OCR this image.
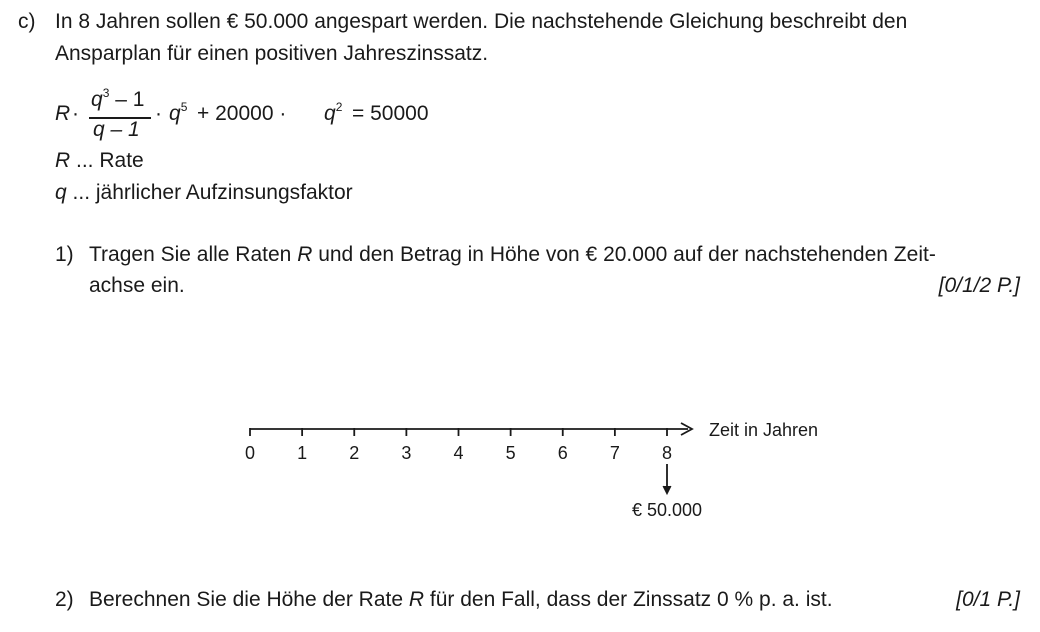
c) In 8 Jahren sollen € 50.000 angespart werden. Die nachstehende Gleichung beschreibt den
Ansparplan für einen positiven Jahreszinssatz.
R ·
$q^3 - 1$
q – 1
· $q^5 + 20000 \cdot q^2 = 50000$
R ... Rate
q ... jährlicher Aufzinsungsfaktor
1) Tragen Sie alle Raten R und den Betrag in Höhe von € 20.000 auf der nachstehenden Zeit-
achse ein.	[0/1/2 P.]
0 1 2 3 4 5 6 7 8
Zeit in Jahren
€ 50.000
2) Berechnen Sie die Höhe der Rate R für den Fall, dass der Zinssatz 0 % p. a. ist.	[0/1 P.]
